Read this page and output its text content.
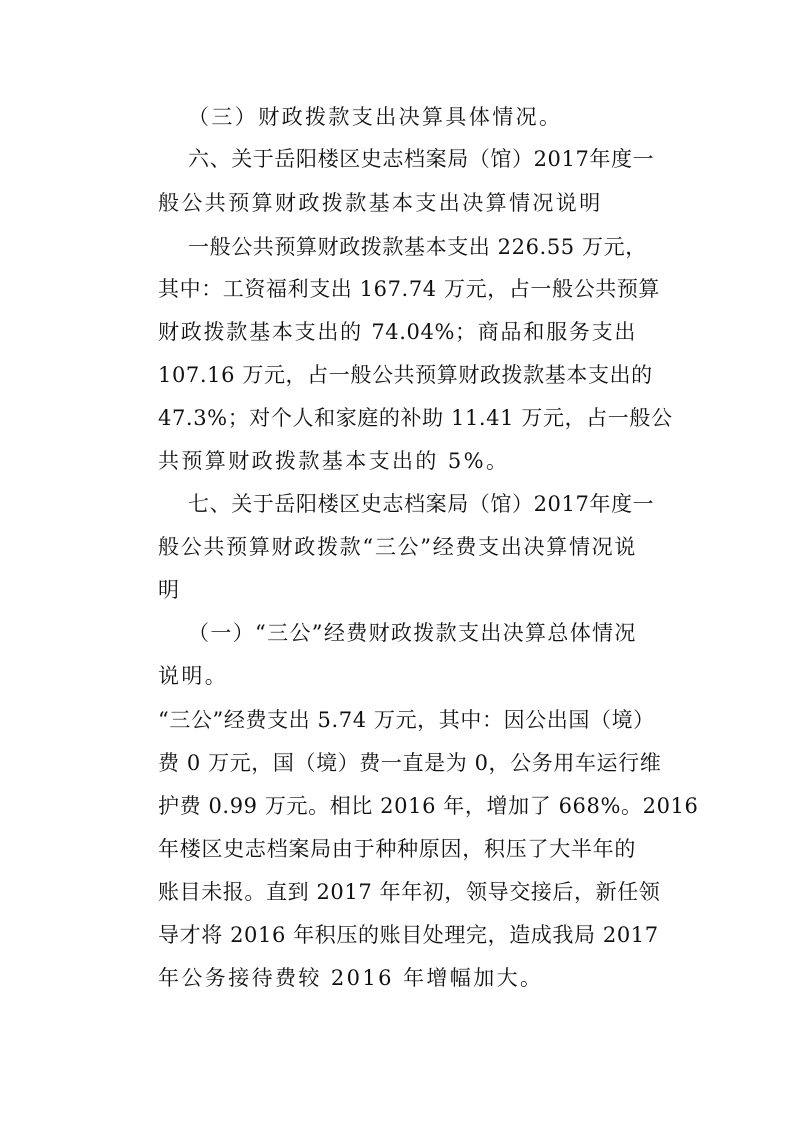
（三）财政拨款支出决算具体情况。
六、关于岳阳楼区史志档案局（馆）2017年度一
般公共预算财政拨款基本支出决算情况说明
一般公共预算财政拨款基本支出 226.55 万元，
其中：工资福利支出 167.74 万元，占一般公共预算
财政拨款基本支出的 74.04%；商品和服务支出
107.16 万元，占一般公共预算财政拨款基本支出的
47.3%；对个人和家庭的补助 11.41 万元，占一般公
共预算财政拨款基本支出的 5%。
七、关于岳阳楼区史志档案局（馆）2017年度一
般公共预算财政拨款“三公”经费支出决算情况说
明
（一）“三公”经费财政拨款支出决算总体情况
说明。
“三公”经费支出 5.74 万元，其中：因公出国（境）
费 0 万元，国（境）费一直是为 0，公务用车运行维
护费 0.99 万元。相比 2016 年，增加了 668%。2016
年楼区史志档案局由于种种原因，积压了大半年的
账目未报。直到 2017 年年初，领导交接后，新任领
导才将 2016 年积压的账目处理完，造成我局 2017
年公务接待费较 2016 年增幅加大。
